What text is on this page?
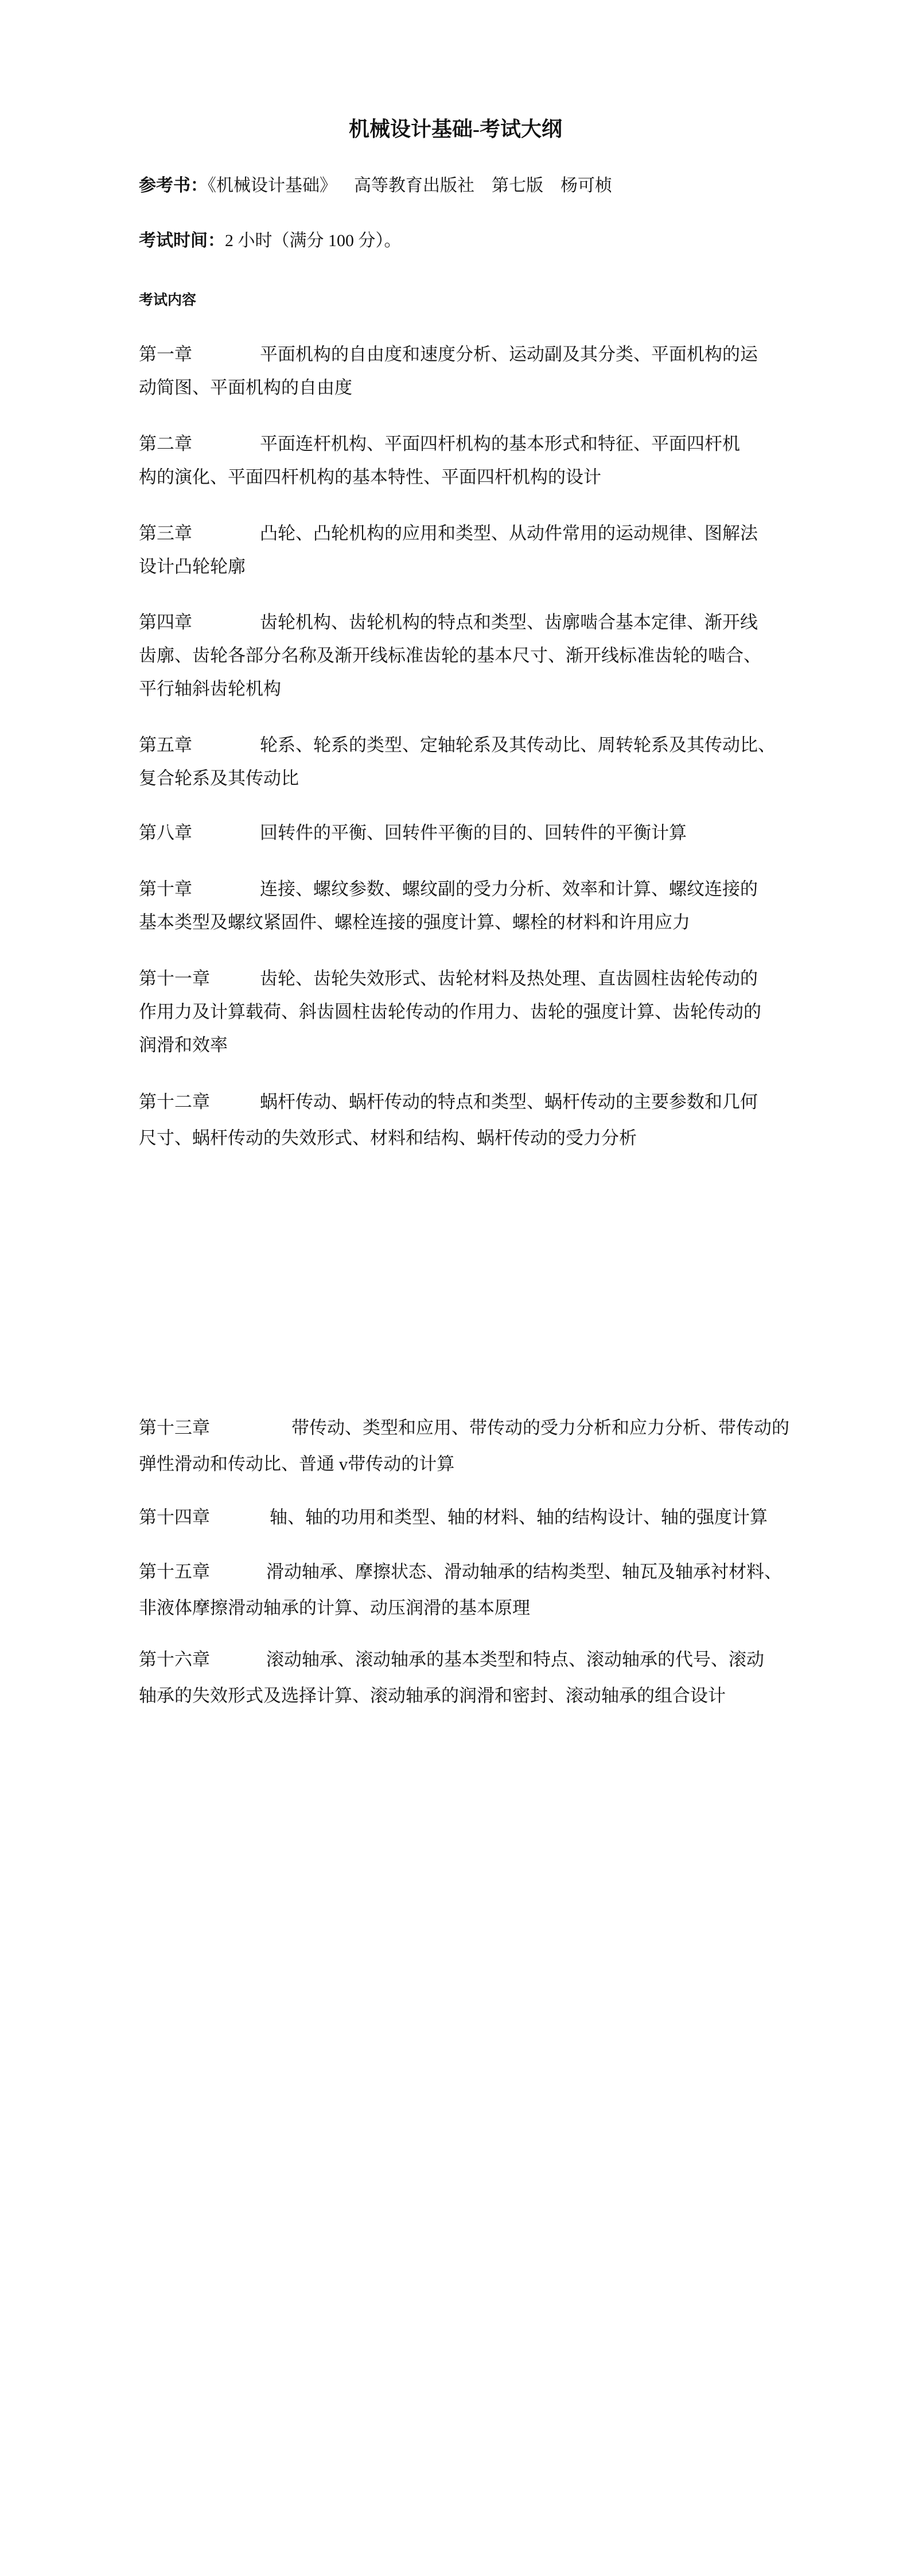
机械设计基础-考试大纲
参考书：《机械设计基础》    高等教育出版社    第七版    杨可桢
考试时间：2 小时（满分 100 分）。
考试内容
第一章	平面机构的自由度和速度分析、运动副及其分类、平面机构的运
动简图、平面机构的自由度
第二章	平面连杆机构、平面四杆机构的基本形式和特征、平面四杆机
构的演化、平面四杆机构的基本特性、平面四杆机构的设计
第三章	凸轮、凸轮机构的应用和类型、从动件常用的运动规律、图解法
设计凸轮轮廓
第四章	齿轮机构、齿轮机构的特点和类型、齿廓啮合基本定律、渐开线
齿廓、齿轮各部分名称及渐开线标准齿轮的基本尺寸、渐开线标准齿轮的啮合、
平行轴斜齿轮机构
第五章	轮系、轮系的类型、定轴轮系及其传动比、周转轮系及其传动比、
复合轮系及其传动比
第八章	回转件的平衡、回转件平衡的目的、回转件的平衡计算
第十章	连接、螺纹参数、螺纹副的受力分析、效率和计算、螺纹连接的
基本类型及螺纹紧固件、螺栓连接的强度计算、螺栓的材料和许用应力
第十一章	齿轮、齿轮失效形式、齿轮材料及热处理、直齿圆柱齿轮传动的
作用力及计算载荷、斜齿圆柱齿轮传动的作用力、齿轮的强度计算、齿轮传动的
润滑和效率
第十二章	蜗杆传动、蜗杆传动的特点和类型、蜗杆传动的主要参数和几何
尺寸、蜗杆传动的失效形式、材料和结构、蜗杆传动的受力分析
第十三章	带传动、类型和应用、带传动的受力分析和应力分析、带传动的
弹性滑动和传动比、普通 v带传动的计算
第十四章	轴、轴的功用和类型、轴的材料、轴的结构设计、轴的强度计算
第十五章	滑动轴承、摩擦状态、滑动轴承的结构类型、轴瓦及轴承衬材料、
非液体摩擦滑动轴承的计算、动压润滑的基本原理
第十六章	滚动轴承、滚动轴承的基本类型和特点、滚动轴承的代号、滚动
轴承的失效形式及选择计算、滚动轴承的润滑和密封、滚动轴承的组合设计
